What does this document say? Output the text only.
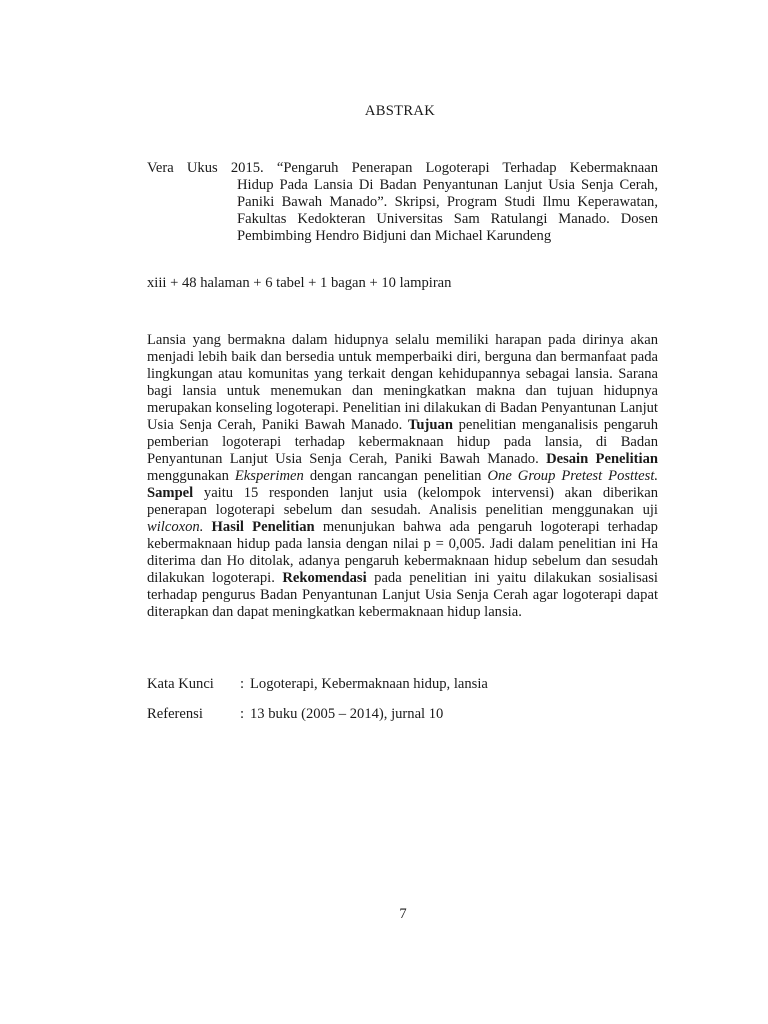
ABSTRAK
Vera Ukus 2015. “Pengaruh Penerapan Logoterapi Terhadap Kebermaknaan
Hidup Pada Lansia Di Badan Penyantunan Lanjut Usia Senja Cerah, Paniki Bawah Manado”. Skripsi, Program Studi Ilmu Keperawatan, Fakultas Kedokteran Universitas Sam Ratulangi Manado. Dosen Pembimbing Hendro Bidjuni dan Michael Karundeng
xiii + 48 halaman + 6 tabel + 1 bagan + 10 lampiran
Lansia yang bermakna dalam hidupnya selalu memiliki harapan pada dirinya akan menjadi lebih baik dan bersedia untuk memperbaiki diri, berguna dan bermanfaat pada lingkungan atau komunitas yang terkait dengan kehidupannya sebagai lansia. Sarana bagi lansia untuk menemukan dan meningkatkan makna dan tujuan hidupnya merupakan konseling logoterapi. Penelitian ini dilakukan di Badan Penyantunan Lanjut Usia Senja Cerah, Paniki Bawah Manado. Tujuan penelitian menganalisis pengaruh pemberian logoterapi terhadap kebermaknaan hidup pada lansia, di Badan Penyantunan Lanjut Usia Senja Cerah, Paniki Bawah Manado. Desain Penelitian menggunakan Eksperimen dengan rancangan penelitian One Group Pretest Posttest. Sampel yaitu 15 responden lanjut usia (kelompok intervensi) akan diberikan penerapan logoterapi sebelum dan sesudah. Analisis penelitian menggunakan uji wilcoxon. Hasil Penelitian menunjukan bahwa ada pengaruh logoterapi terhadap kebermaknaan hidup pada lansia dengan nilai p = 0,005. Jadi dalam penelitian ini Ha diterima dan Ho ditolak, adanya pengaruh kebermaknaan hidup sebelum dan sesudah dilakukan logoterapi. Rekomendasi pada penelitian ini yaitu dilakukan sosialisasi terhadap pengurus Badan Penyantunan Lanjut Usia Senja Cerah agar logoterapi dapat diterapkan dan dapat meningkatkan kebermaknaan hidup lansia.
Kata Kunci : Logoterapi, Kebermaknaan hidup, lansia
Referensi	: 13 buku (2005 – 2014), jurnal 10
7
